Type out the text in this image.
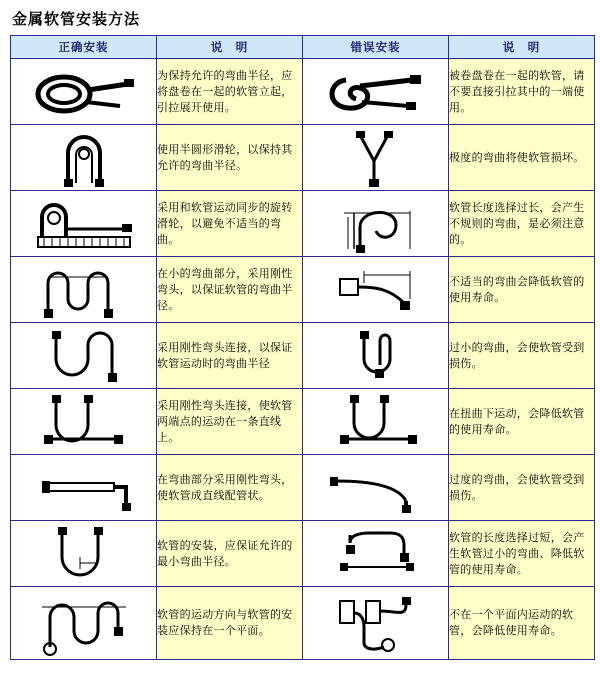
金属软管安装方法
正确安装	说　明	错误安装	说　明

	为保持允许的弯曲半径，应将盘卷在一起的软管立起，引拉展开使用。		被卷盘卷在一起的软管，请不要直接引拉其中的一端使用。

	使用半圆形滑轮，以保持其允许的弯曲半径。		极度的弯曲将使软管损坏。

	采用和软管运动同步的旋转滑轮，以避免不适当的弯曲。		软管长度选择过长，会产生不规则的弯曲，是必须注意的。

	在小的弯曲部分，采用刚性弯头，以保证软管的弯曲半径。		不适当的弯曲会降低软管的使用寿命。

	采用刚性弯头连接，以保证软管运动时的弯曲半径		过小的弯曲，会使软管受到损伤。

	采用刚性弯头连接，使软管两端点的运动在一条直线上。		在扭曲下运动，会降低软管的使用寿命。

	在弯曲部分采用刚性弯头，使软管成直线配管状。		过度的弯曲，会使软管受到损伤。

	软管的安装，应保证允许的最小弯曲半径。		软管的长度选择过短，会产生软管过小的弯曲、降低软管的使用寿命。

	软管的运动方向与软管的安装应保持在一个平面。		不在一个平面内运动的软管，会降低使用寿命。
